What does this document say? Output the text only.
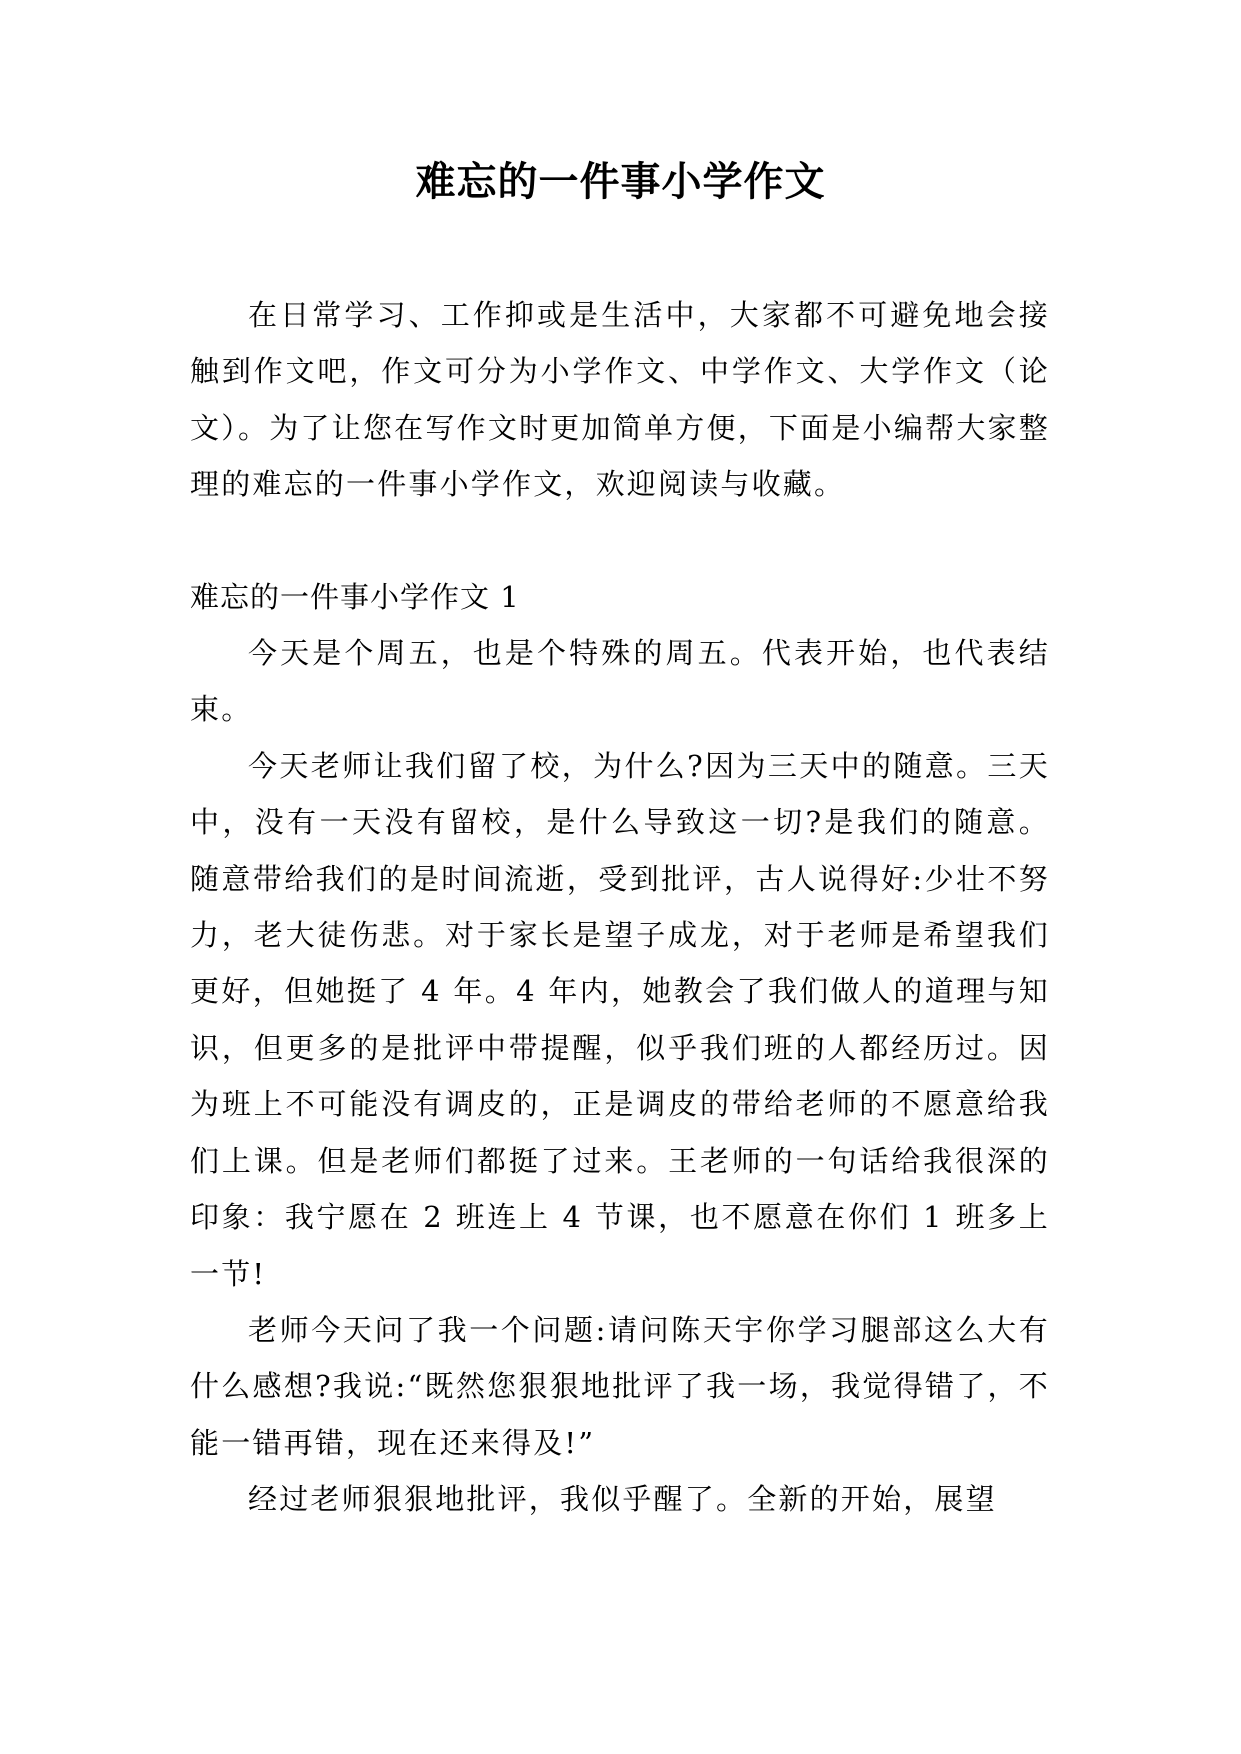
难忘的一件事小学作文

在日常学习、工作抑或是生活中，大家都不可避免地会接触到作文吧，作文可分为小学作文、中学作文、大学作文（论文）。为了让您在写作文时更加简单方便，下面是小编帮大家整理的难忘的一件事小学作文，欢迎阅读与收藏。

难忘的一件事小学作文 1

今天是个周五，也是个特殊的周五。代表开始，也代表结束。

今天老师让我们留了校，为什么?因为三天中的随意。三天中，没有一天没有留校，是什么导致这一切?是我们的随意。随意带给我们的是时间流逝，受到批评，古人说得好:少壮不努力，老大徒伤悲。对于家长是望子成龙，对于老师是希望我们更好，但她挺了 4 年。4 年内，她教会了我们做人的道理与知识，但更多的是批评中带提醒，似乎我们班的人都经历过。因为班上不可能没有调皮的，正是调皮的带给老师的不愿意给我们上课。但是老师们都挺了过来。王老师的一句话给我很深的印象：我宁愿在 2 班连上 4 节课，也不愿意在你们 1 班多上一节!

老师今天问了我一个问题:请问陈天宇你学习腿部这么大有什么感想?我说:“既然您狠狠地批评了我一场，我觉得错了，不能一错再错，现在还来得及!”

经过老师狠狠地批评，我似乎醒了。全新的开始，展望
